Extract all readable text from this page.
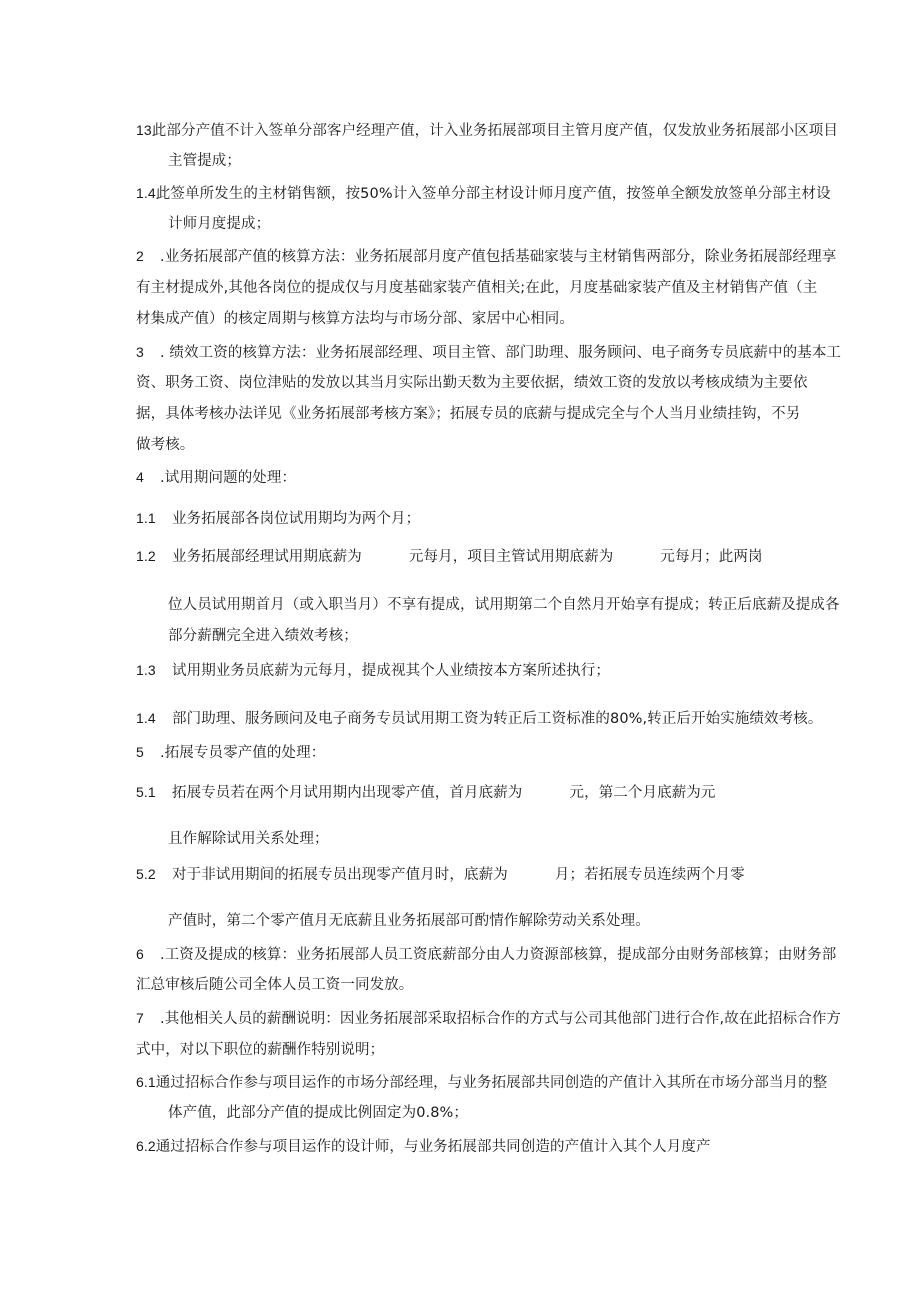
13此部分产值不计入签单分部客户经理产值，计入业务拓展部项目主管月度产值，仅发放业务拓展部小区项目
主管提成；
1.4此签单所发生的主材销售额，按50%计入签单分部主材设计师月度产值，按签单全额发放签单分部主材设
计师月度提成；
2 .业务拓展部产值的核算方法：业务拓展部月度产值包括基础家装与主材销售两部分，除业务拓展部经理享
有主材提成外,其他各岗位的提成仅与月度基础家装产值相关;在此，月度基础家装产值及主材销售产值（主
材集成产值）的核定周期与核算方法均与市场分部、家居中心相同。
3 . 绩效工资的核算方法：业务拓展部经理、项目主管、部门助理、服务顾问、电子商务专员底薪中的基本工
资、职务工资、岗位津贴的发放以其当月实际出勤天数为主要依据，绩效工资的发放以考核成绩为主要依
据，具体考核办法详见《业务拓展部考核方案》；拓展专员的底薪与提成完全与个人当月业绩挂钩，不另
做考核。
4 .试用期问题的处理：
1.1 业务拓展部各岗位试用期均为两个月；
1.2 业务拓展部经理试用期底薪为          元每月，项目主管试用期底薪为          元每月；此两岗
位人员试用期首月（或入职当月）不享有提成，试用期第二个自然月开始享有提成；转正后底薪及提成各
部分薪酬完全进入绩效考核；
1.3 试用期业务员底薪为元每月，提成视其个人业绩按本方案所述执行；
1.4 部门助理、服务顾问及电子商务专员试用期工资为转正后工资标准的80%,转正后开始实施绩效考核。
5 .拓展专员零产值的处理：
5.1 拓展专员若在两个月试用期内出现零产值，首月底薪为          元，第二个月底薪为元
且作解除试用关系处理；
5.2 对于非试用期间的拓展专员出现零产值月时，底薪为          月；若拓展专员连续两个月零
产值时，第二个零产值月无底薪且业务拓展部可酌情作解除劳动关系处理。
6 .工资及提成的核算：业务拓展部人员工资底薪部分由人力资源部核算，提成部分由财务部核算；由财务部
汇总审核后随公司全体人员工资一同发放。
7 .其他相关人员的薪酬说明：因业务拓展部采取招标合作的方式与公司其他部门进行合作,故在此招标合作方
式中，对以下职位的薪酬作特别说明；
6.1通过招标合作参与项目运作的市场分部经理，与业务拓展部共同创造的产值计入其所在市场分部当月的整
体产值，此部分产值的提成比例固定为0.8%；
6.2通过招标合作参与项目运作的设计师，与业务拓展部共同创造的产值计入其个人月度产
